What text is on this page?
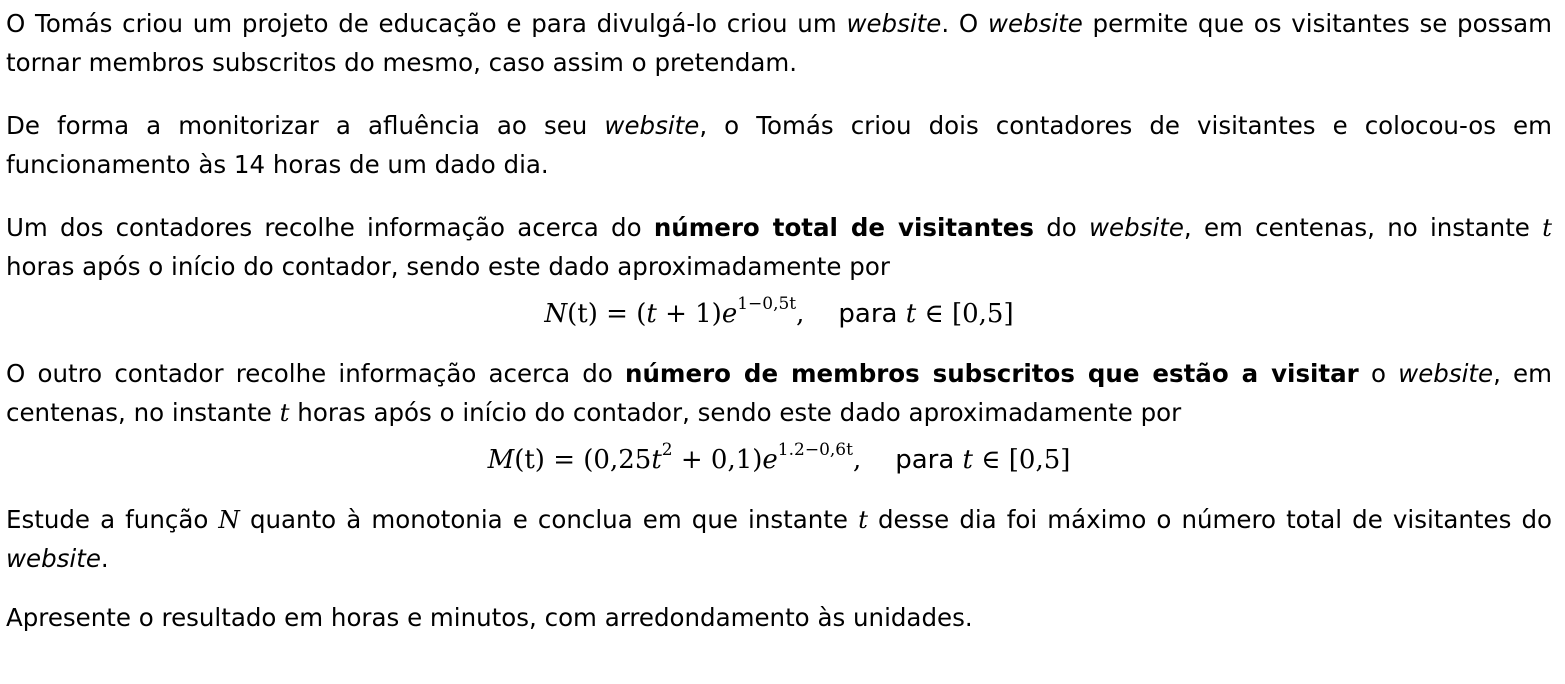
O Tomás criou um projeto de educação e para divulgá-lo criou um website. O website permite que os visitantes se possam tornar membros subscritos do mesmo, caso assim o pretendam.

De forma a monitorizar a afluência ao seu website, o Tomás criou dois contadores de visitantes e colocou-os em funcionamento às 14 horas de um dado dia.

Um dos contadores recolhe informação acerca do número total de visitantes do website, em centenas, no instante t horas após o início do contador, sendo este dado aproximadamente por

$N(t) = (t + 1)e^{1-0,5t}$, para t ∈ [0,5]

O outro contador recolhe informação acerca do número de membros subscritos que estão a visitar o website, em centenas, no instante t horas após o início do contador, sendo este dado aproximadamente por

$M(t) = (0,25t^2 + 0,1)e^{1.2-0,6t}$, para t ∈ [0,5]

Estude a função N quanto à monotonia e conclua em que instante t desse dia foi máximo o número total de visitantes do website.

Apresente o resultado em horas e minutos, com arredondamento às unidades.
